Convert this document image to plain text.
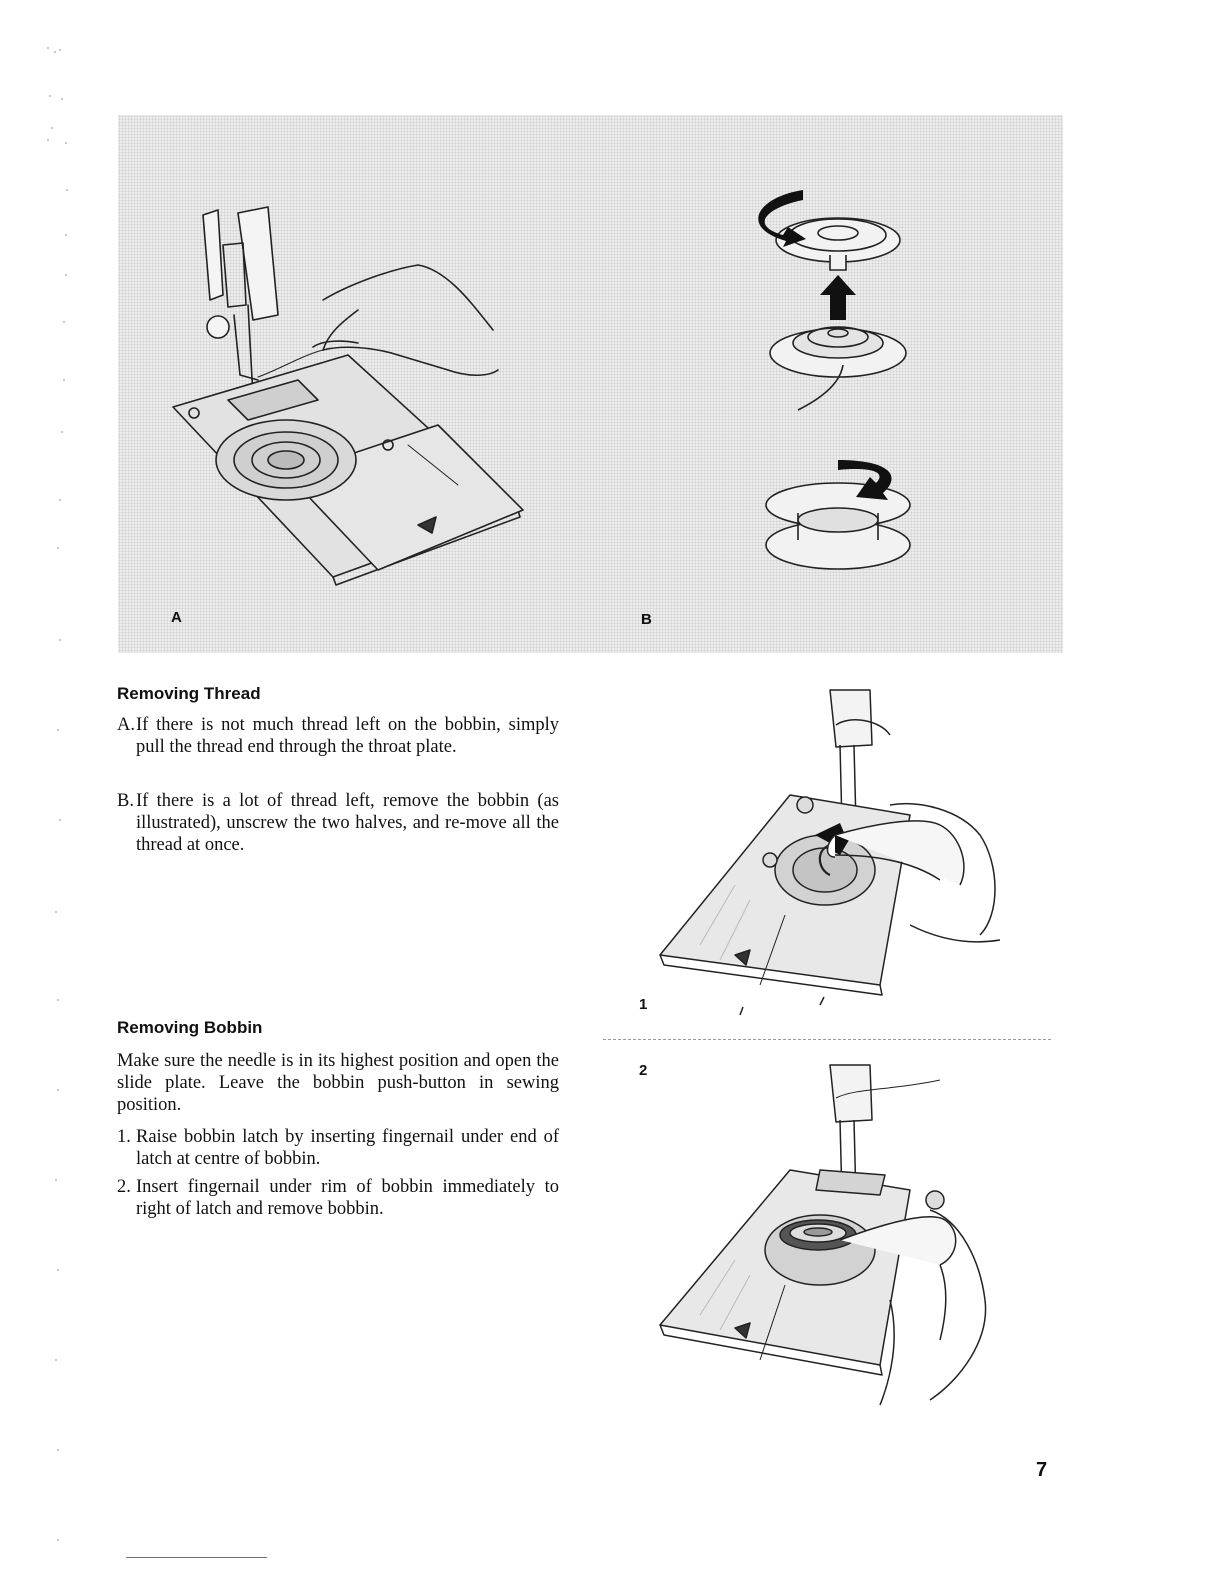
A	B
Removing Thread
A. If there is not much thread left on the bobbin, simply pull the thread end through the throat plate.
B. If there is a lot of thread left, remove the bobbin (as illustrated), unscrew the two halves, and re-move all the thread at once.
Removing Bobbin

Make sure the needle is in its highest position and open the slide plate. Leave the bobbin push-button in sewing position.

1. Raise bobbin latch by inserting fingernail under end of latch at centre of bobbin.
2. Insert fingernail under rim of bobbin immediately to right of latch and remove bobbin.
1
2
7
